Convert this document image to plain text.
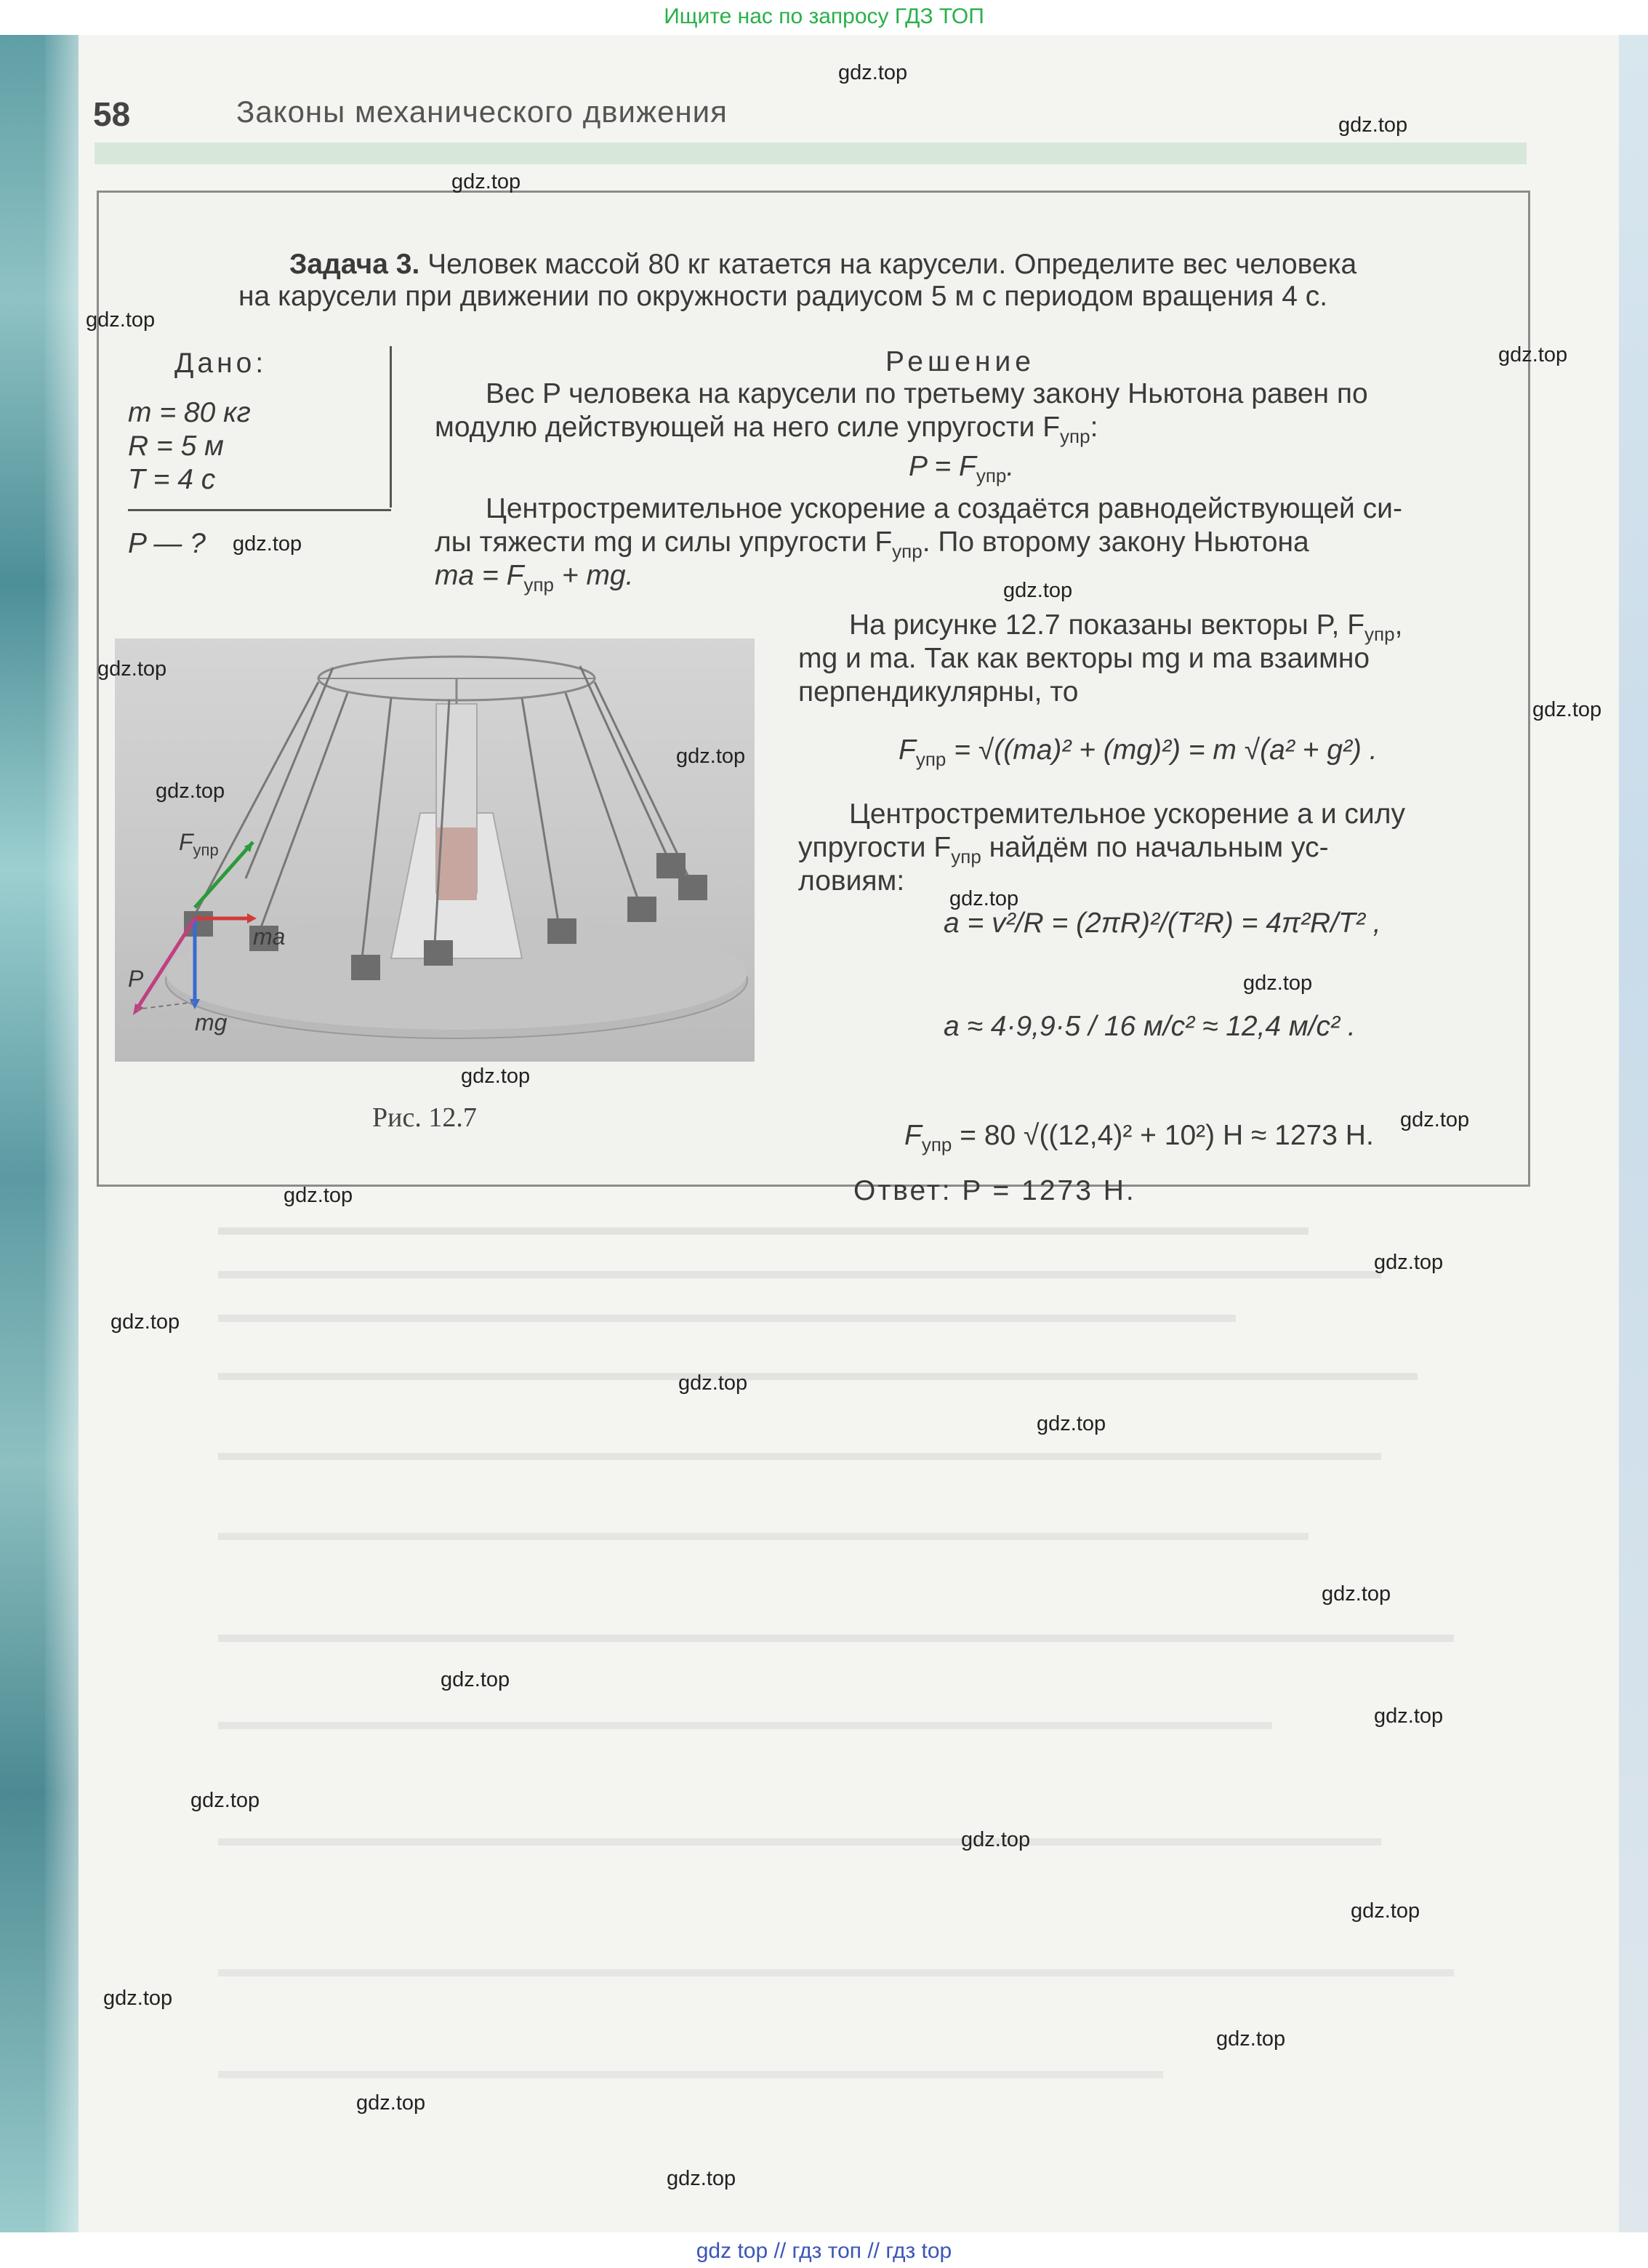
Ищите нас по запросу ГДЗ ТОП
58	Законы механического движения
Задача 3. Человек массой 80 кг катается на карусели. Определите вес человека
на карусели при движении по окружности радиусом 5 м с периодом вращения 4 с.
Дано:
m = 80 кг
R = 5 м
T = 4 с
P — ?
Решение
Вес P человека на карусели по третьему закону Ньютона равен по
модулю действующей на него силе упругости $F_{упр}$:
$P = F_{упр}$.
Центростремительное ускорение a создаётся равнодействующей си-
лы тяжести mg и силы упругости $F_{упр}$. По второму закону Ньютона
ma = $F_{упр}$ + mg.
На рисунке 12.7 показаны векторы P, $F_{упр}$,
mg и ma. Так как векторы mg и ma взаимно
перпендикулярны, то
$F_{упр} = √((ma)^2 + (mg)^2) = m$ √(a² + g²) .
Центростремительное ускорение a и силу
упругости $F_{упр}$ найдём по начальным ус-
ловиям:
a = v²/R = (2πR)²/(T²R) = 4π²R/T² ,
a ≈ 4·9,9·5 / 16 м/с² ≈ 12,4 м/с² .
$F_{упр} = 80$ √((12,4)² + 10²) Н ≈ 1273 Н.
Ответ: P = 1273 Н.
$F_{упр}$
ma
P
mg
Рис. 12.7
gdz.top
gdz.top
gdz.top
gdz.top
gdz.top
gdz.top
gdz.top
gdz.top
gdz.top
gdz.top
gdz.top
gdz.top
gdz.top
gdz.top
gdz.top
gdz.top
gdz.top
gdz.top
gdz.top
gdz.top
gdz.top
gdz.top
gdz.top
gdz.top
gdz.top
gdz.top
gdz.top
gdz.top
gdz.top
gdz.top
gdz top // гдз топ // гдз top
